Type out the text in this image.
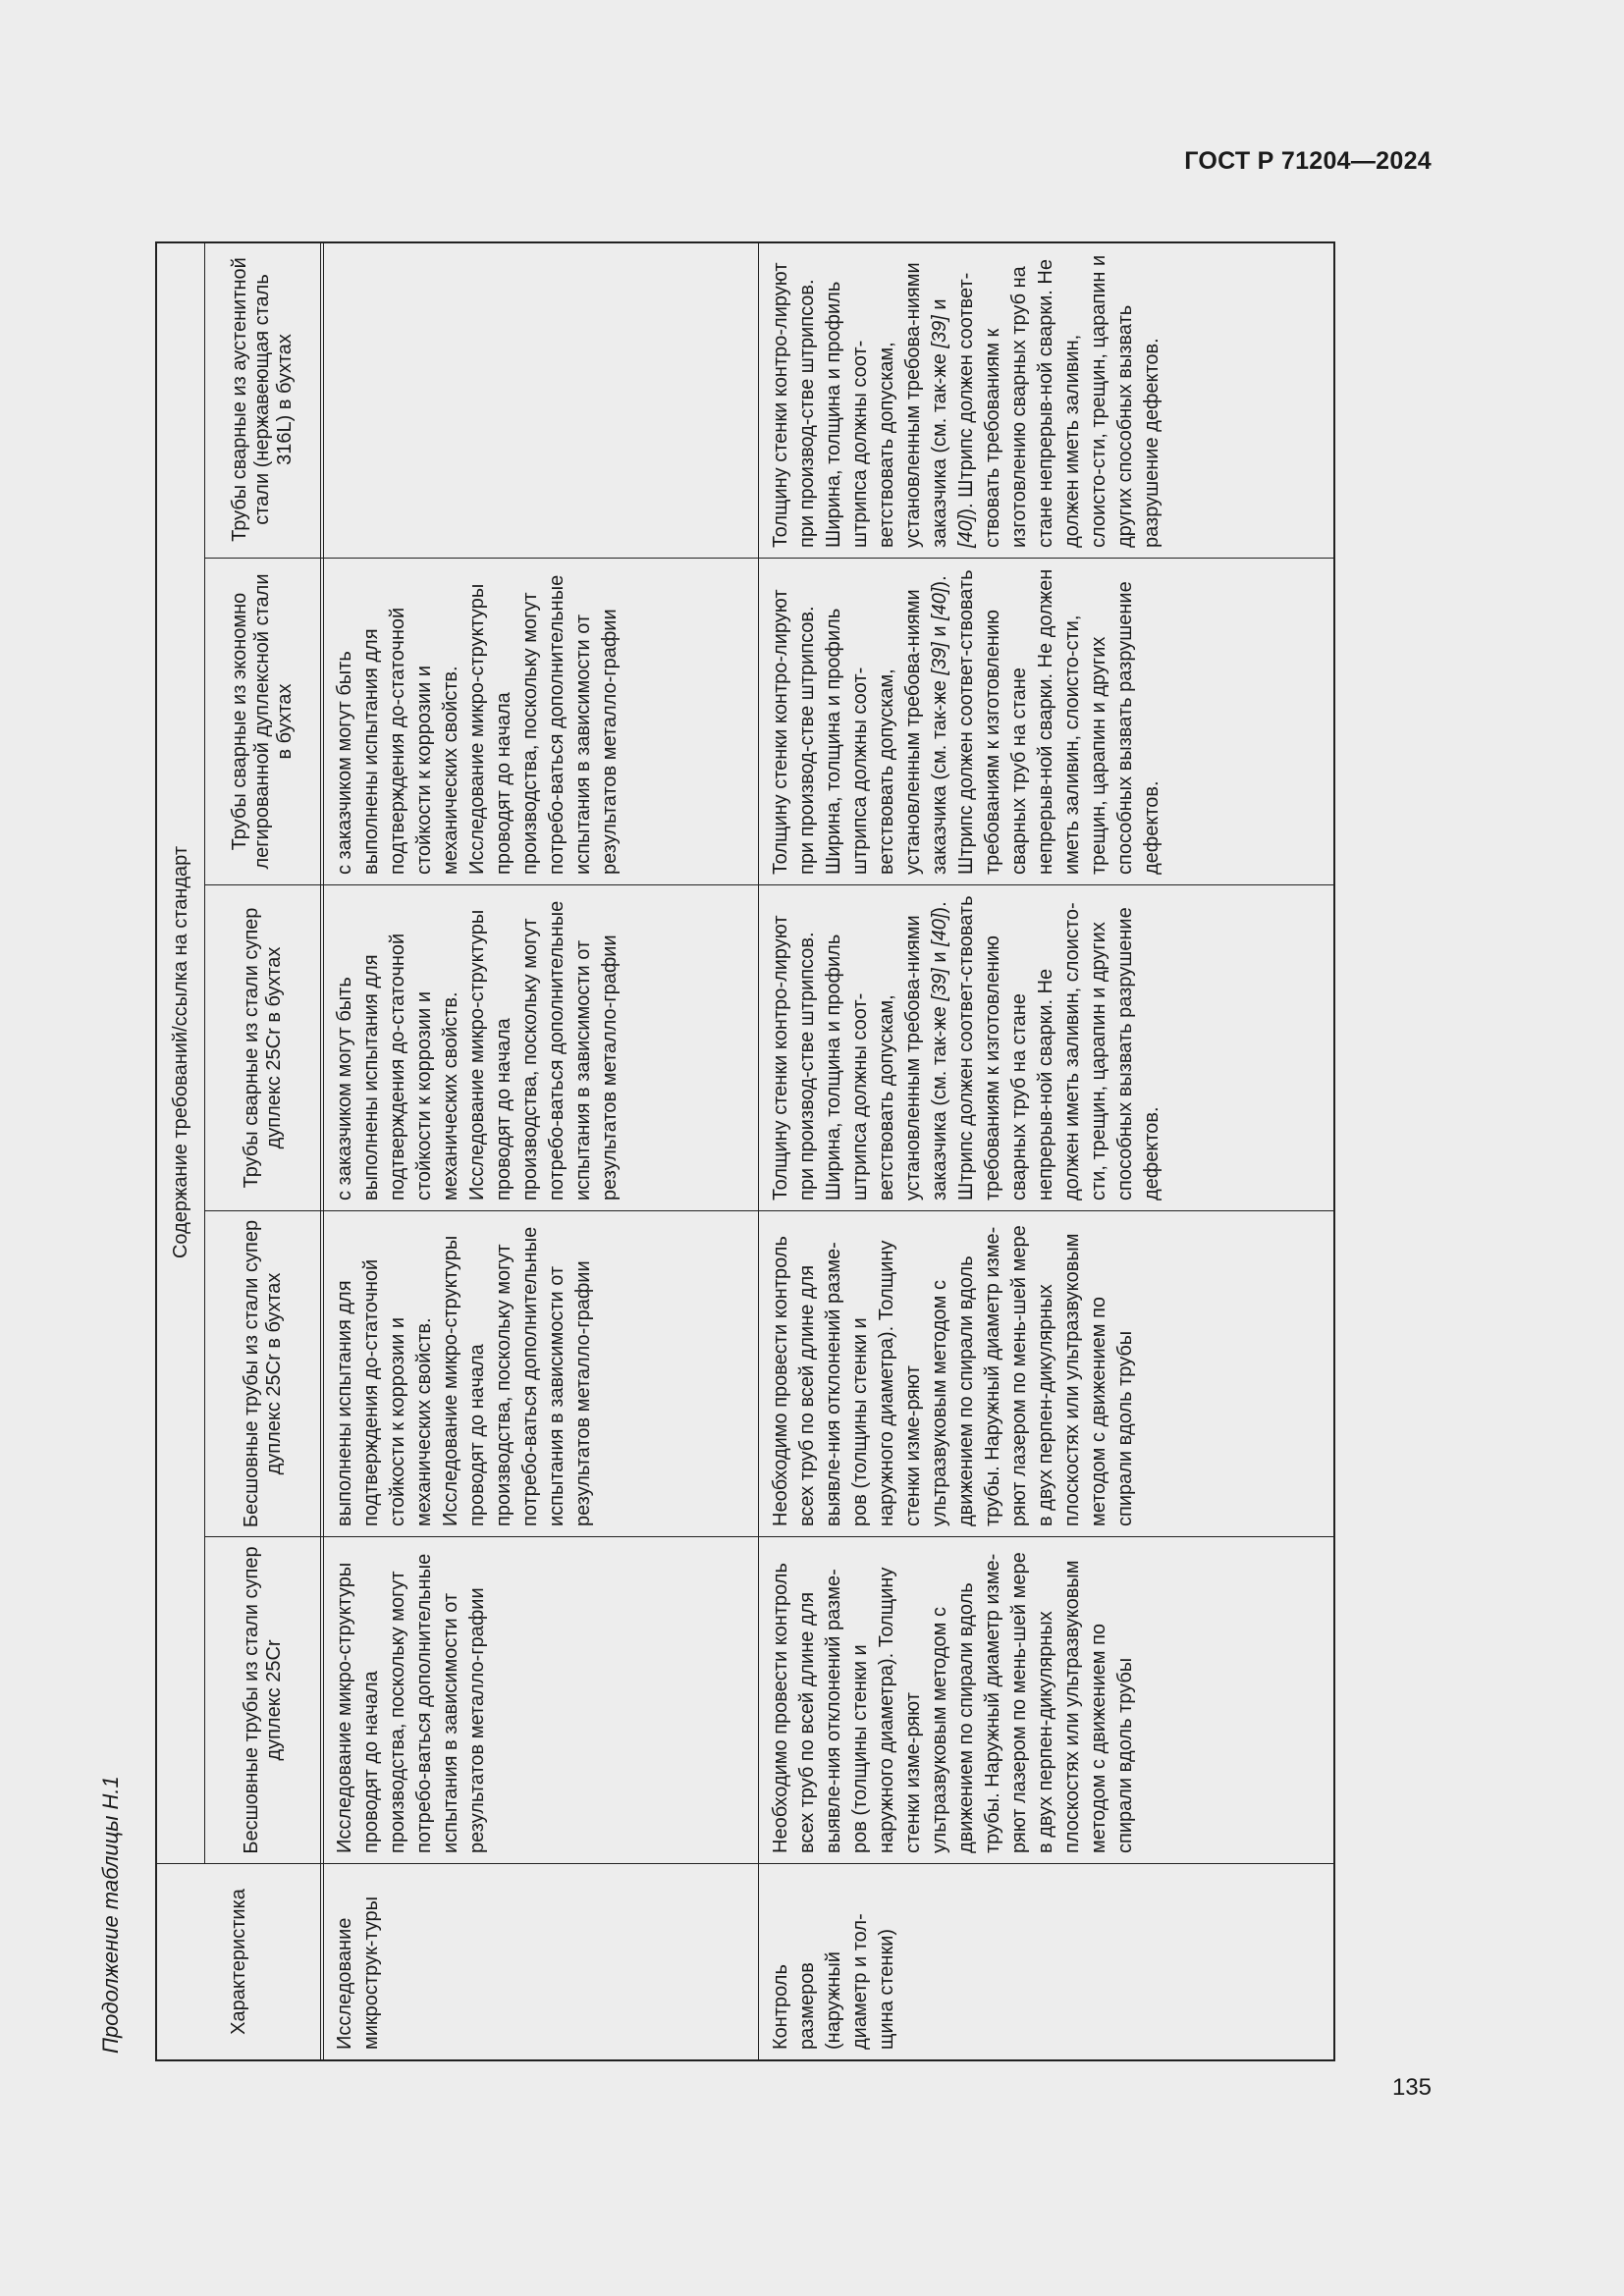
ГОСТ Р 71204—2024
135
Продолжение таблицы Н.1
Содержание требований/ссылка на стандарт
Характеристика
Бесшовные трубы из стали супер дуплекс 25Cr
Бесшовные трубы из стали супер дуплекс 25Cr в бухтах
Трубы сварные из стали супер дуплекс 25Cr в бухтах
Трубы сварные из экономно легированной дуплексной стали в бухтах
Трубы сварные из аустенитной стали (нержавеющая сталь 316L) в бухтах
Исследование микрострук-туры
Исследование микро-структуры проводят до начала производства, поскольку могут потребо-ваться дополнительные испытания в зависимости от результатов металло-графии
выполнены испытания для подтверждения до-статочной стойкости к коррозии и механических свойств. Исследование микро-структуры проводят до начала производства, поскольку могут потребо-ваться дополнительные испытания в зависимости от результатов металло-графии
с заказчиком могут быть выполнены испытания для подтверждения до-статочной стойкости к коррозии и механических свойств. Исследование микро-структуры проводят до начала производства, поскольку могут потребо-ваться дополнительные испытания в зависимости от результатов металло-графии
с заказчиком могут быть выполнены испытания для подтверждения до-статочной стойкости к коррозии и механических свойств. Исследование микро-структуры проводят до начала производства, поскольку могут потребо-ваться дополнительные испытания в зависимости от результатов металло-графии
Контроль размеров (наружный диаметр и тол-щина стенки)
Необходимо провести контроль всех труб по всей длине для выявле-ния отклонений разме-ров (толщины стенки и наружного диаметра). Толщину стенки изме-ряют ультразвуковым методом с движением по спирали вдоль трубы. Наружный диаметр изме-ряют лазером по мень-шей мере в двух перпен-дикулярных плоскостях или ультразвуковым методом с движением по спирали вдоль трубы
Необходимо провести контроль всех труб по всей длине для выявле-ния отклонений разме-ров (толщины стенки и наружного диаметра). Толщину стенки изме-ряют ультразвуковым методом с движением по спирали вдоль трубы. Наружный диаметр изме-ряют лазером по мень-шей мере в двух перпен-дикулярных плоскостях или ультразвуковым методом с движением по спирали вдоль трубы
Толщину стенки контро-лируют при производ-стве штрипсов. Ширина, толщина и профиль штрипса должны соот-ветствовать допускам, установленным требова-ниями заказчика (см. так-же [39] и [40]). Штрипс должен соответ-ствовать требованиям к изготовлению сварных труб на стане непрерыв-ной сварки. Не должен иметь заливин, слоисто-сти, трещин, царапин и других способных вызвать разрушение дефектов.
Толщину стенки контро-лируют при производ-стве штрипсов. Ширина, толщина и профиль штрипса должны соот-ветствовать допускам, установленным требова-ниями заказчика (см. так-же [39] и [40]). Штрипс должен соответ-ствовать требованиям к изготовлению сварных труб на стане непрерыв-ной сварки. Не должен иметь заливин, слоисто-сти, трещин, царапин и других способных вызвать разрушение дефектов.
Толщину стенки контро-лируют при производ-стве штрипсов. Ширина, толщина и профиль штрипса должны соот-ветствовать допускам, установленным требова-ниями заказчика (см. так-же [39] и [40]). Штрипс должен соответ-ствовать требованиям к изготовлению сварных труб на стане непрерыв-ной сварки. Не должен иметь заливин, слоисто-сти, трещин, царапин и других способных вызвать разрушение дефектов.
